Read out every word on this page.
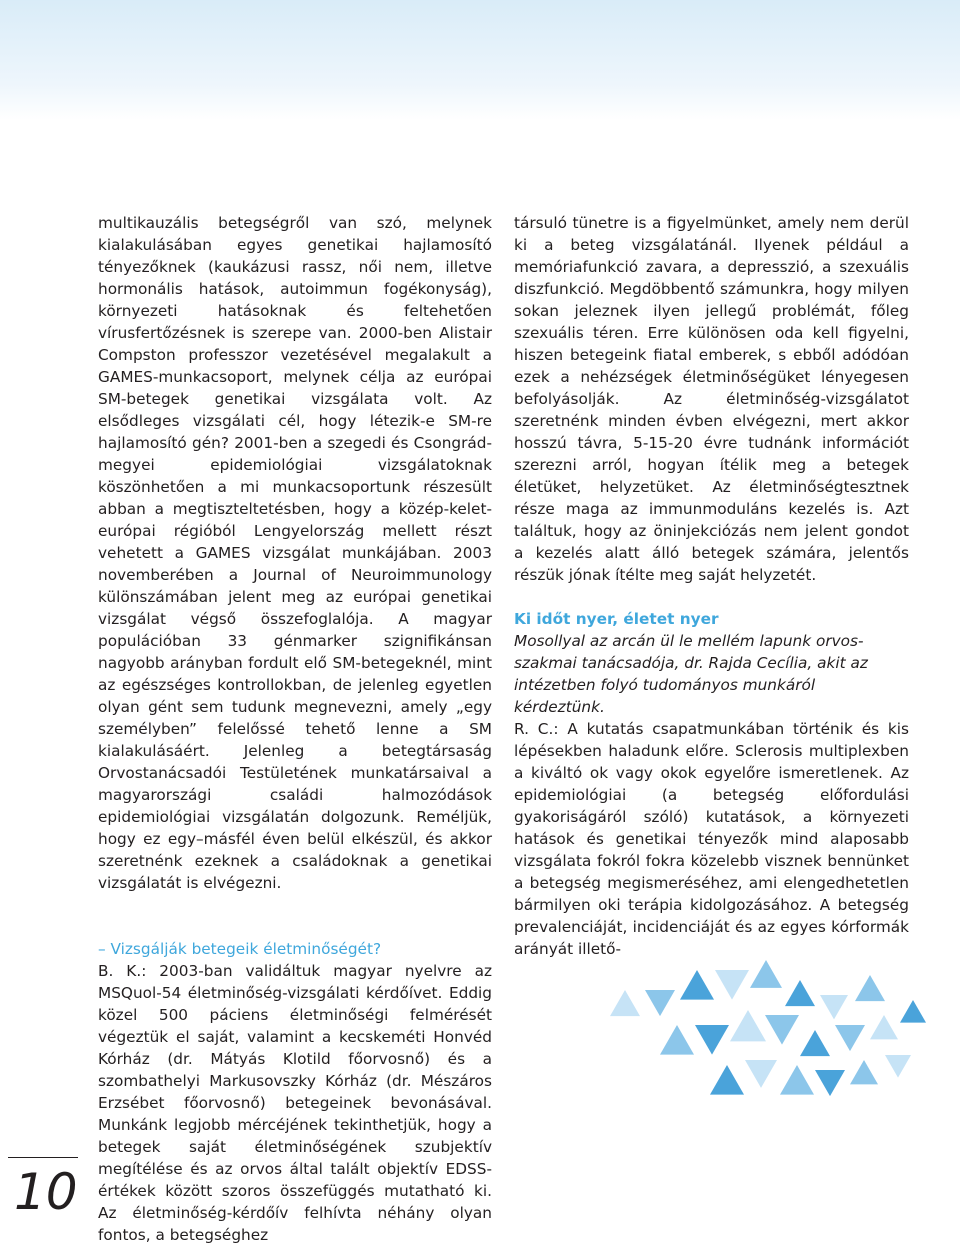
multikauzális betegségről van szó, melynek kialakulásában egyes genetikai hajlamosító tényezőknek (kaukázusi rassz, női nem, illetve hormonális hatások, autoimmun fogékonyság), környezeti hatásoknak és feltehetően vírusfertőzésnek is szerepe van. 2000-ben Alistair Compston professzor vezetésével megalakult a GAMES-munkacsoport, melynek célja az európai SM-betegek genetikai vizsgálata volt. Az elsődleges vizsgálati cél, hogy létezik-e SM-re hajlamosító gén? 2001-ben a szegedi és Csongrád-megyei epidemiológiai vizsgálatoknak köszönhetően a mi munkacsoportunk részesült abban a megtiszteltetésben, hogy a közép-kelet-európai régióból Lengyelország mellett részt vehetett a GAMES vizsgálat munkájában. 2003 novemberében a Journal of Neuroimmunology különszámában jelent meg az európai genetikai vizsgálat végső összefoglalója. A magyar populációban 33 génmarker szignifikánsan nagyobb arányban fordult elő SM-betegeknél, mint az egészséges kontrollokban, de jelenleg egyetlen olyan gént sem tudunk megnevezni, amely „egy személyben” felelőssé tehető lenne a SM kialakulásáért. Jelenleg a betegtársaság Orvostanácsadói Testületének munkatársaival a magyarországi családi halmozódások epidemiológiai vizsgálatán dolgozunk. Reméljük, hogy ez egy–másfél éven belül elkészül, és akkor szeretnénk ezeknek a családoknak a genetikai vizsgálatát is elvégezni.

– Vizsgálják betegeik életminőségét?

B. K.: 2003-ban validáltuk magyar nyelvre az MSQuol-54 életminőség-vizsgálati kérdőívet. Eddig közel 500 páciens életminőségi felmérését végeztük el saját, valamint a kecskeméti Honvéd Kórház (dr. Mátyás Klotild főorvosnő) és a szombathelyi Markusovszky Kórház (dr. Mészáros Erzsébet főorvosnő) betegeinek bevonásával. Munkánk legjobb mércéjének tekinthetjük, hogy a betegek saját életminőségének szubjektív megítélése és az orvos által talált objektív EDSS-értékek között szoros összefüggés mutatható ki. Az életminőség-kérdőív felhívta néhány olyan fontos, a betegséghez

társuló tünetre is a figyelmünket, amely nem derül ki a beteg vizsgálatánál. Ilyenek például a memóriafunkció zavara, a depresszió, a szexuális diszfunkció. Megdöbbentő számunkra, hogy milyen sokan jeleznek ilyen jellegű problémát, főleg szexuális téren. Erre különösen oda kell figyelni, hiszen betegeink fiatal emberek, s ebből adódóan ezek a nehézségek életminőségüket lényegesen befolyásolják. Az életminőség-vizsgálatot szeretnénk minden évben elvégezni, mert akkor hosszú távra, 5-15-20 évre tudnánk információt szerezni arról, hogyan ítélik meg a betegek életüket, helyzetüket. Az életminőségtesztnek része maga az immunmoduláns kezelés is. Azt találtuk, hogy az öninjekciózás nem jelent gondot a kezelés alatt álló betegek számára, jelentős részük jónak ítélte meg saját helyzetét.

Ki időt nyer, életet nyer

Mosollyal az arcán ül le mellém lapunk orvos-szakmai tanácsadója, dr. Rajda Cecília, akit az intézetben folyó tudományos munkáról kérdeztünk.

R. C.: A kutatás csapatmunkában történik és kis lépésekben haladunk előre. Sclerosis multiplexben a kiváltó ok vagy okok egyelőre ismeretlenek. Az epidemiológiai (a betegség előfordulási gyakoriságáról szóló) kutatások, a környezeti hatások és genetikai tényezők mind alaposabb vizsgálata fokról fokra közelebb visznek bennünket a betegség megismeréséhez, ami elengedhetetlen bármilyen oki terápia kidolgozásához. A betegség prevalenciáját, incidenciáját és az egyes kórformák arányát illető-

10
